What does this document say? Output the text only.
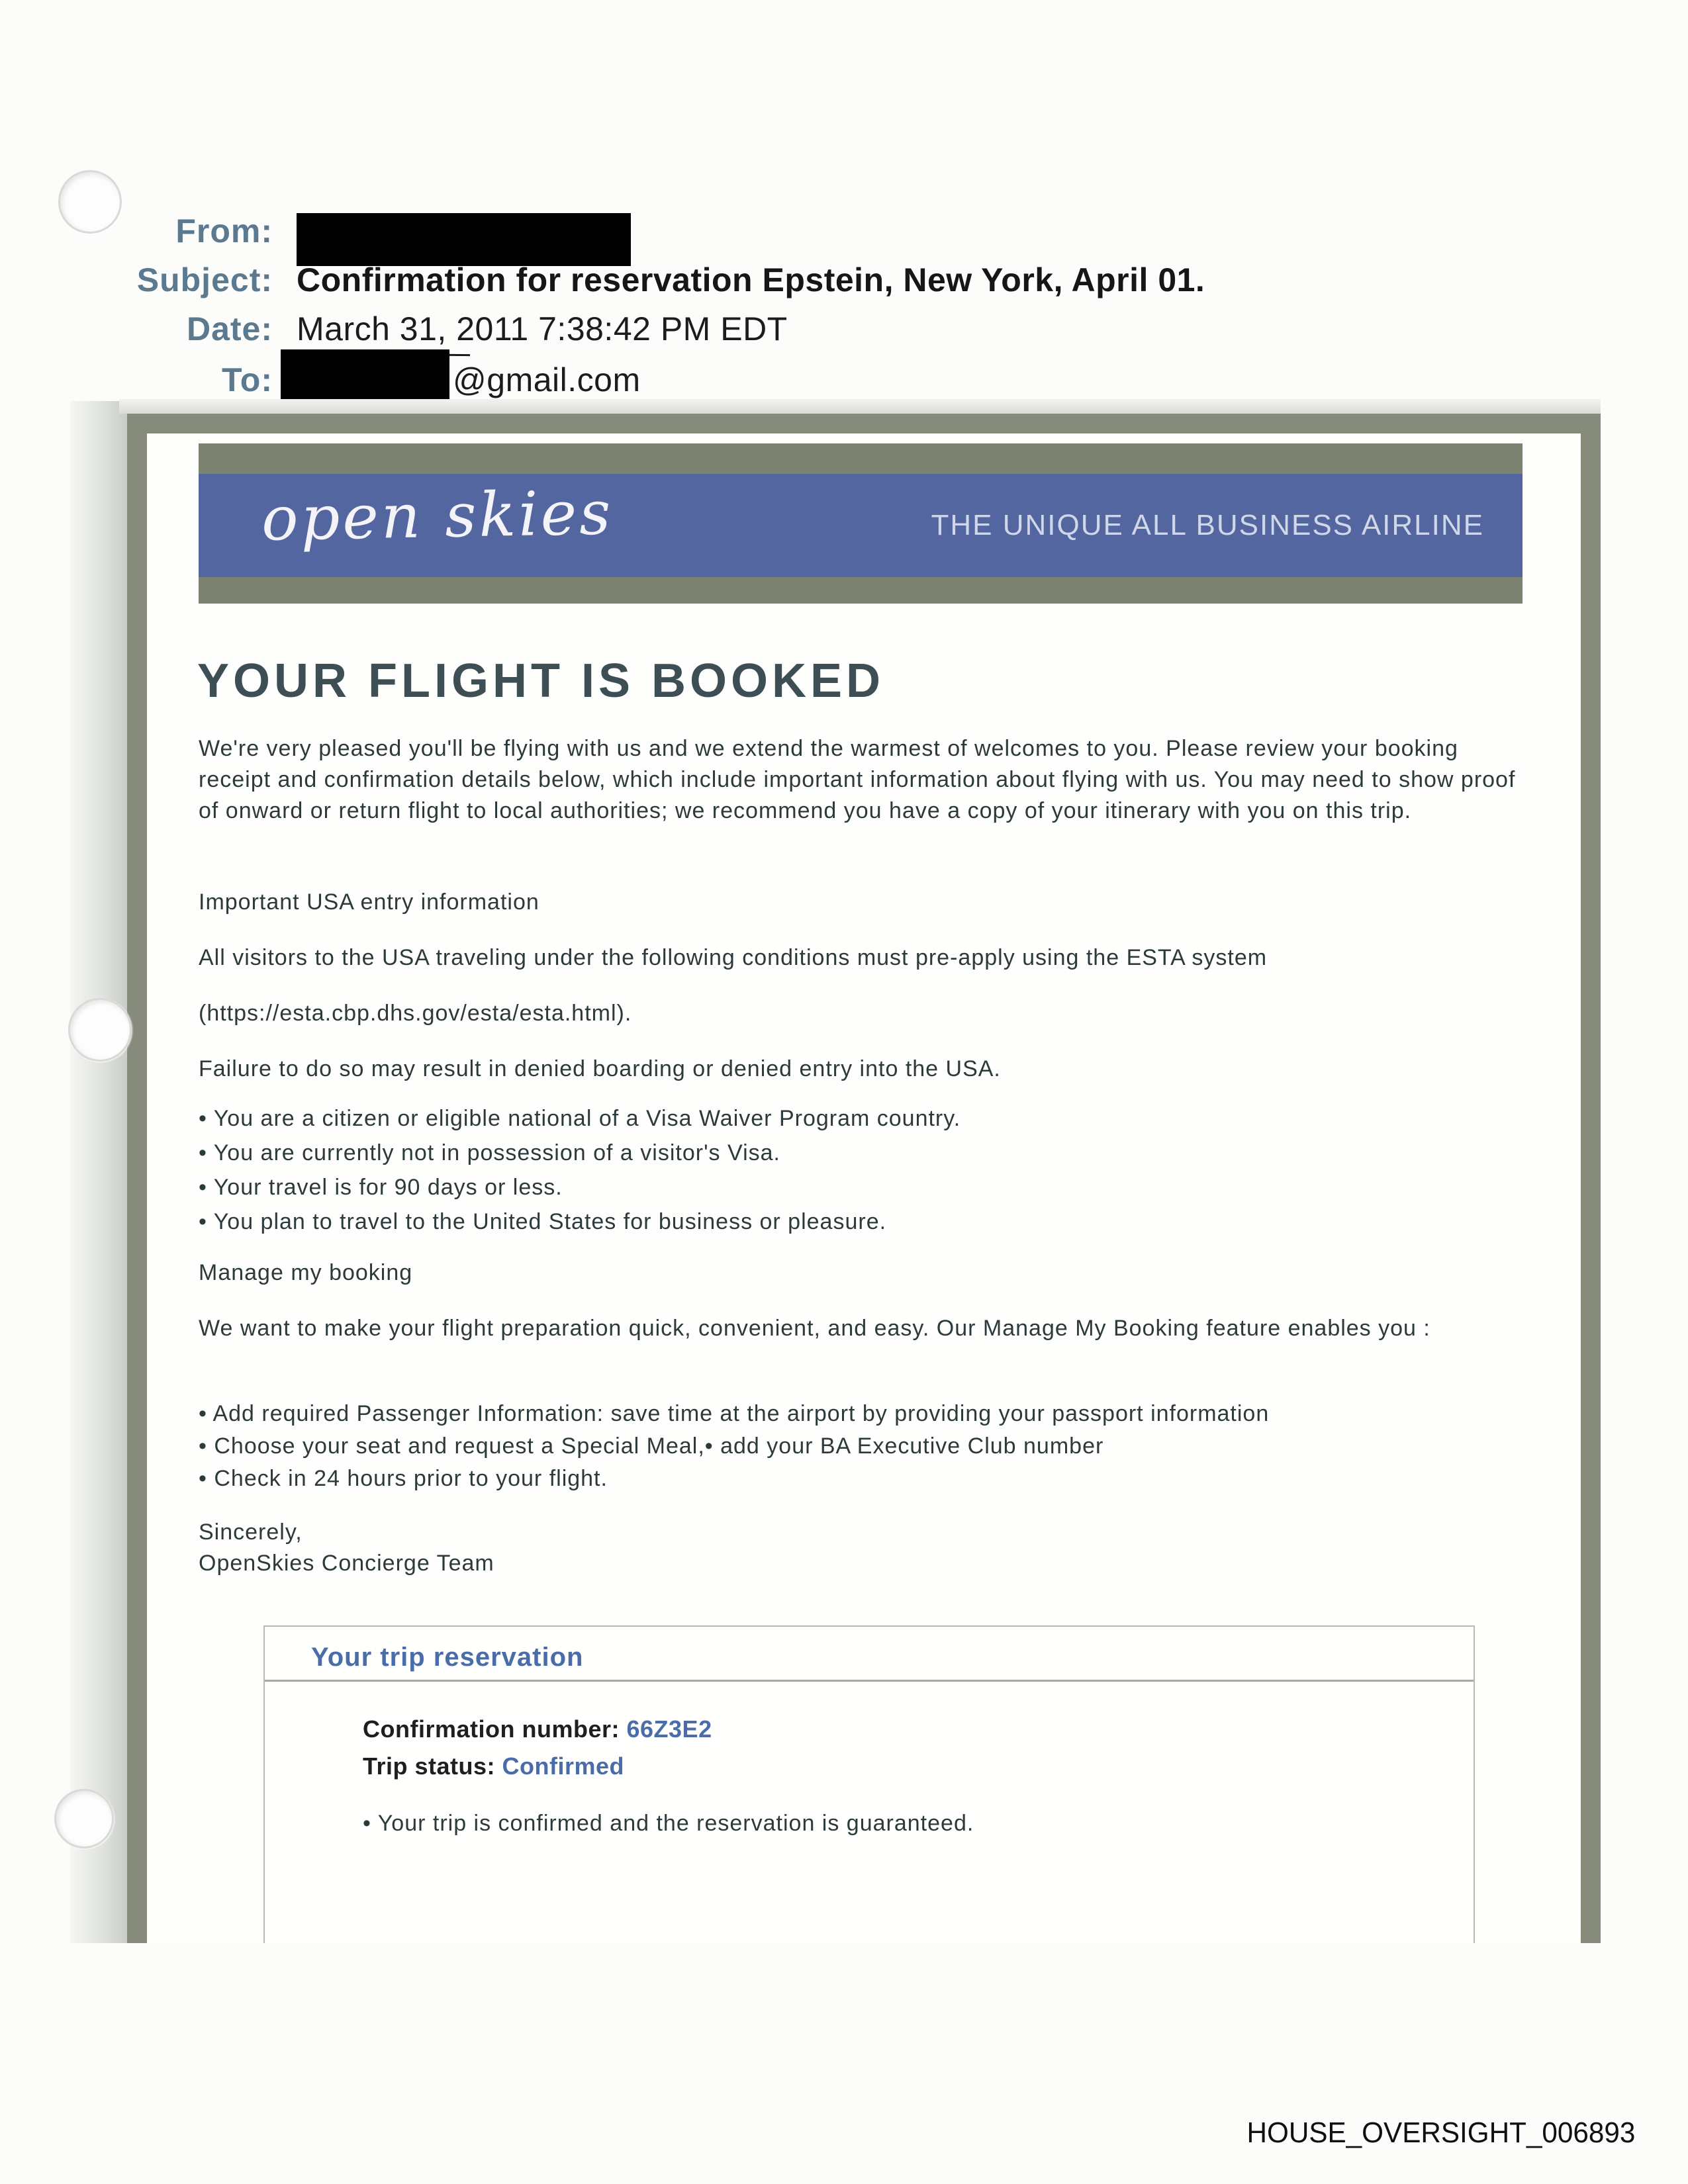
From:
Subject: Confirmation for reservation Epstein, New York, April 01.
Date: March 31, 2011 7:38:42 PM EDT
To:	@gmail.com
open skies	THE UNIQUE ALL BUSINESS AIRLINE
YOUR FLIGHT IS BOOKED
We're very pleased you'll be flying with us and we extend the warmest of welcomes to you. Please review your booking receipt and confirmation details below, which include important information about flying with us. You may need to show proof of onward or return flight to local authorities; we recommend you have a copy of your itinerary with you on this trip.
Important USA entry information
All visitors to the USA traveling under the following conditions must pre-apply using the ESTA system
(https://esta.cbp.dhs.gov/esta/esta.html).
Failure to do so may result in denied boarding or denied entry into the USA.
• You are a citizen or eligible national of a Visa Waiver Program country.
• You are currently not in possession of a visitor's Visa.
• Your travel is for 90 days or less.
• You plan to travel to the United States for business or pleasure.
Manage my booking
We want to make your flight preparation quick, convenient, and easy. Our Manage My Booking feature enables you :
• Add required Passenger Information: save time at the airport by providing your passport information
• Choose your seat and request a Special Meal,• add your BA Executive Club number
• Check in 24 hours prior to your flight.
Sincerely,
OpenSkies Concierge Team
Your trip reservation
Confirmation number: 66Z3E2
Trip status: Confirmed
• Your trip is confirmed and the reservation is guaranteed.
HOUSE_OVERSIGHT_006893
